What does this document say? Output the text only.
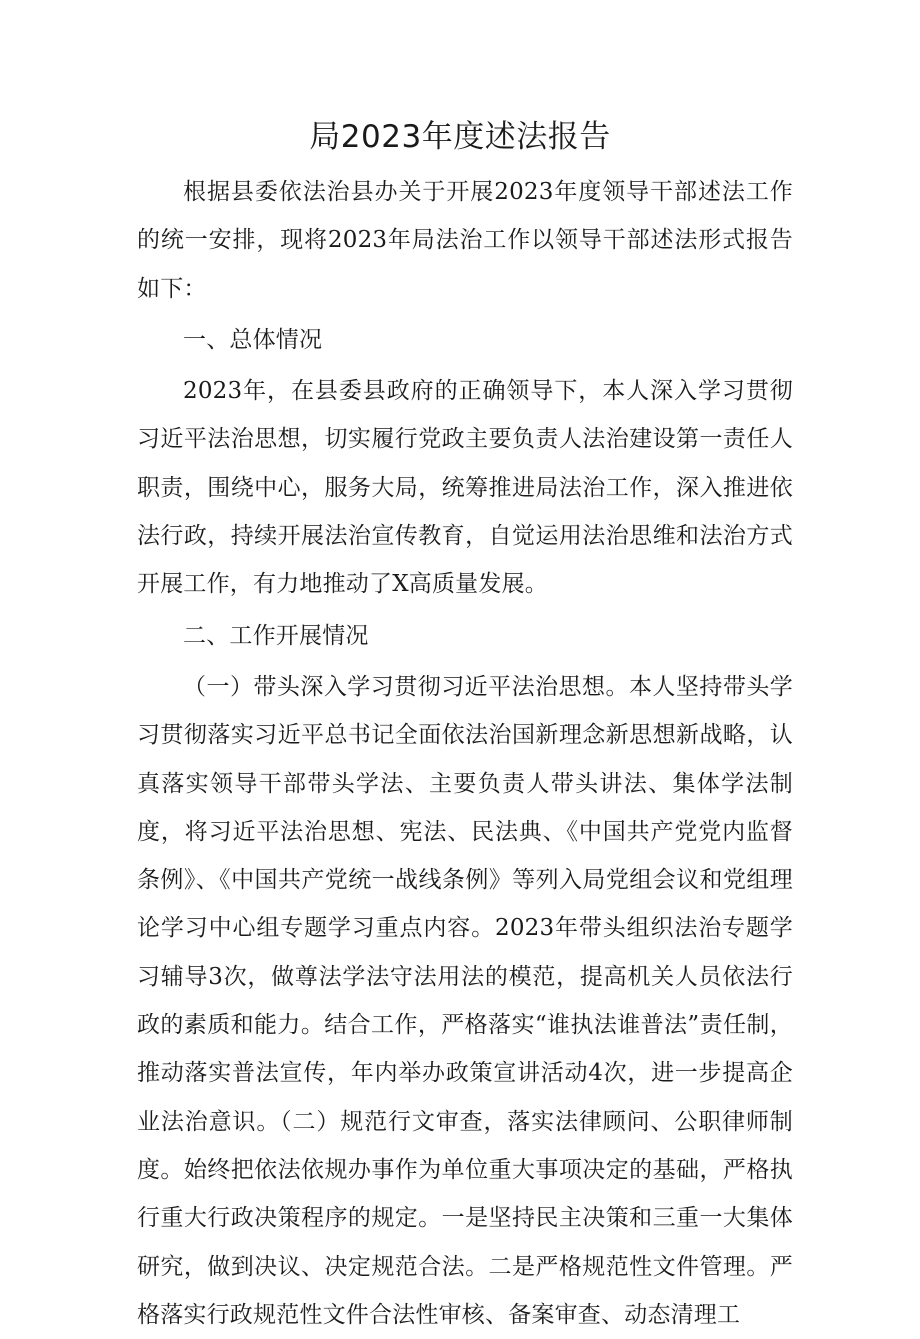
局2023年度述法报告

根据县委依法治县办关于开展2023年度领导干部述法工作的统一安排，现将2023年局法治工作以领导干部述法形式报告如下：

一、总体情况

2023年，在县委县政府的正确领导下，本人深入学习贯彻习近平法治思想，切实履行党政主要负责人法治建设第一责任人职责，围绕中心，服务大局，统筹推进局法治工作，深入推进依法行政，持续开展法治宣传教育，自觉运用法治思维和法治方式开展工作，有力地推动了X高质量发展。

二、工作开展情况

（一）带头深入学习贯彻习近平法治思想。本人坚持带头学习贯彻落实习近平总书记全面依法治国新理念新思想新战略，认真落实领导干部带头学法、主要负责人带头讲法、集体学法制度，将习近平法治思想、宪法、民法典、《中国共产党党内监督条例》、《中国共产党统一战线条例》等列入局党组会议和党组理论学习中心组专题学习重点内容。2023年带头组织法治专题学习辅导3次，做尊法学法守法用法的模范，提高机关人员依法行政的素质和能力。结合工作，严格落实“谁执法谁普法”责任制，推动落实普法宣传，年内举办政策宣讲活动4次，进一步提高企业法治意识。（二）规范行文审查，落实法律顾问、公职律师制度。始终把依法依规办事作为单位重大事项决定的基础，严格执行重大行政决策程序的规定。一是坚持民主决策和三重一大集体研究，做到决议、决定规范合法。二是严格规范性文件管理。严格落实行政规范性文件合法性审核、备案审查、动态清理工
